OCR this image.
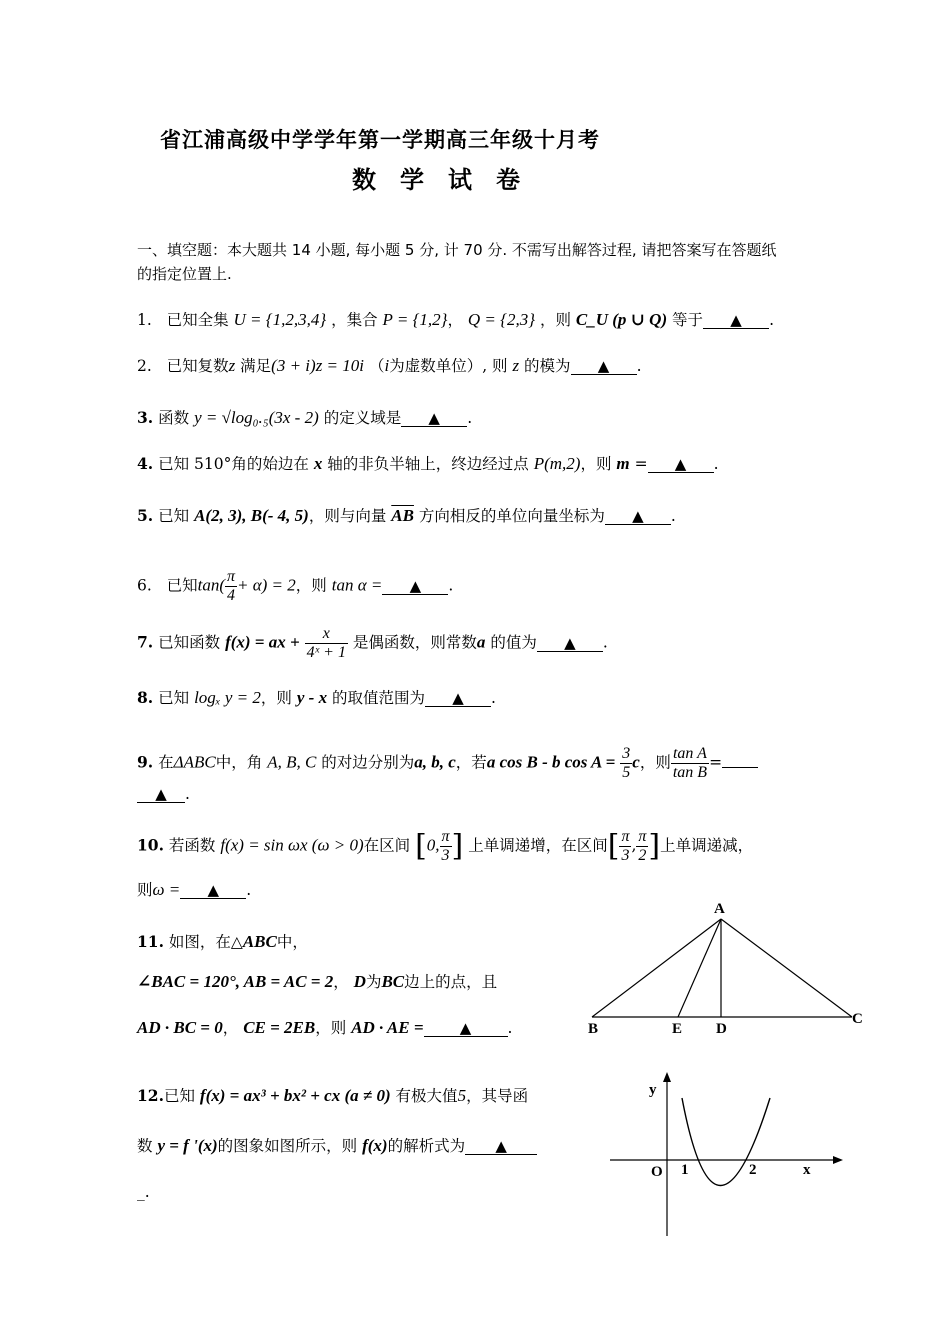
省江浦高级中学学年第一学期高三年级十月考
数学试卷
一、填空题：本大题共 14 小题, 每小题 5 分, 计 70 分. 不需写出解答过程, 请把答案写在答题纸
的指定位置上.
1. 已知全集 U = {1,2,3,4} ，集合 P = {1,2}， Q = {2,3} ，则 C_U (p ∪ Q) 等于 ▲ .
2. 已知复数z 满足(3 + i)z = 10i （i为虚数单位）, 则 z 的模为 ▲ .
3. 函数 y = √log₀.₅(3x - 2) 的定义域是 ▲ .
4. 已知 510°角的始边在 x 轴的非负半轴上，终边经过点 P(m,2)，则 m = ▲ .
5. 已知 A(2, 3), B(- 4, 5)，则与向量 $\overline{AB}$ 方向相反的单位向量坐标为 ▲ .
6. 已知$\tan( \frac{\pi}{4} + \alpha) = 2$，则 tan α = ▲ .
7. 已知函数 f(x) = ax + $\frac{x}{\text{4ˣ + 1}}$ 是偶函数，则常数a 的值为 ▲ .
8. 已知 logₓ y = 2，则 y - x 的取值范围为 ▲ .
9. 在ΔABC中，角 A, B, C 的对边分别为a, b, c，若a cos B - b $\cos A = \frac{3}{5}$ c，则 $\frac{\text{tan A}}{\text{tan B}}$ =
▲ .
10. 若函数 f(x) = sin ωx (ω > 0)在区间 [0, $\frac{\pi}{3}$ ] 上单调递增，在区间[ $\frac{\pi}{3}$ , $\frac{\pi}{2}$ ]上单调递减，
则ω = ▲ .
11. 如图，在△ABC中，
∠BAC = 120°, AB = AC = 2， D为BC边上的点，且
AD · BC = 0， CE = 2EB，则 AD · AE = ▲ .
A
B	E D
C
12.已知 f(x) = ax³ + bx² + cx (a ≠ 0) 有极大值5，其导函
数 y = f '(x)的图象如图所示，则 f(x)的解析式为 ▲
_.
y
x
O 1	2
